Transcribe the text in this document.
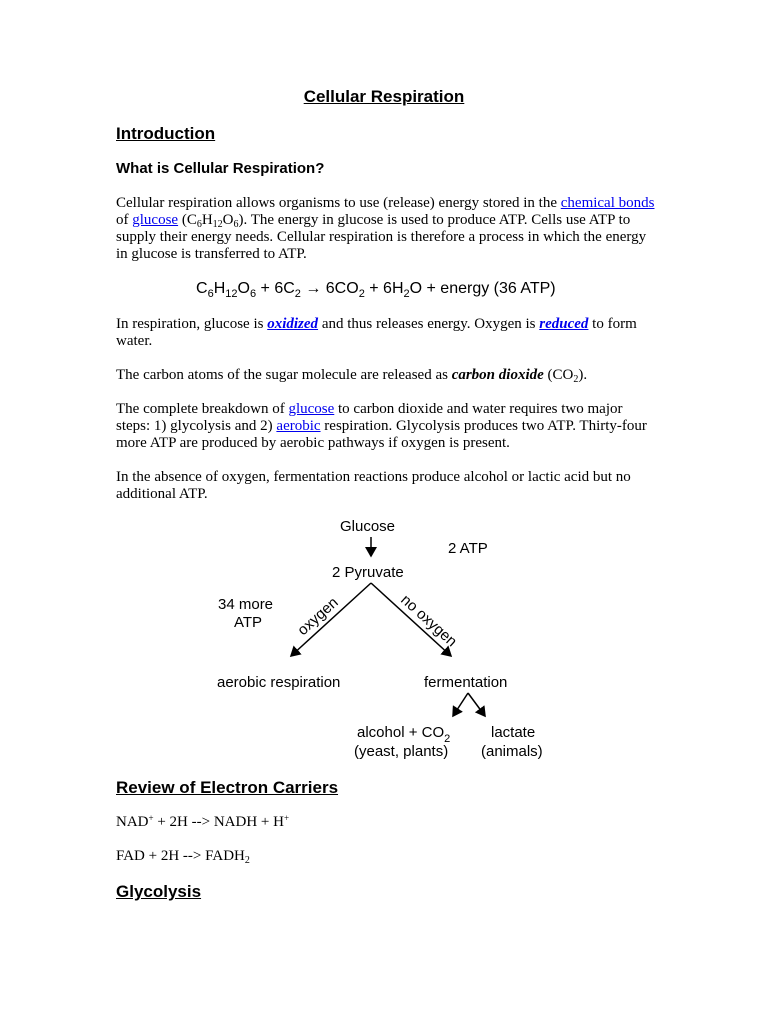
Cellular Respiration
Introduction
What is Cellular Respiration?
Cellular respiration allows organisms to use (release) energy stored in the chemical bonds of glucose $(C_6H_{12}O_6)$. The energy in glucose is used to produce ATP. Cells use ATP to supply their energy needs. Cellular respiration is therefore a process in which the energy in glucose is transferred to ATP.
$C_6H_{12}O_6 + 6C_2 \to 6CO_2 + 6H_2O$ + energy (36 ATP)
In respiration, glucose is oxidized and thus releases energy. Oxygen is reduced to form water.
The carbon atoms of the sugar molecule are released as carbon dioxide $(CO_2)$.
The complete breakdown of glucose to carbon dioxide and water requires two major steps: 1) glycolysis and 2) aerobic respiration. Glycolysis produces two ATP. Thirty-four more ATP are produced by aerobic pathways if oxygen is present.
In the absence of oxygen, fermentation reactions produce alcohol or lactic acid but no additional ATP.
Glucose
2 ATP
2 Pyruvate
34 more
ATP oxygen	no oxygen
aerobic respiration	fermentation
alcohol + $CO_2$
(yeast, plants)
lactate
(animals)
Review of Electron Carriers
NAD+ + 2H --> NADH + H+
FAD + 2H --> $FADH_2$
Glycolysis
